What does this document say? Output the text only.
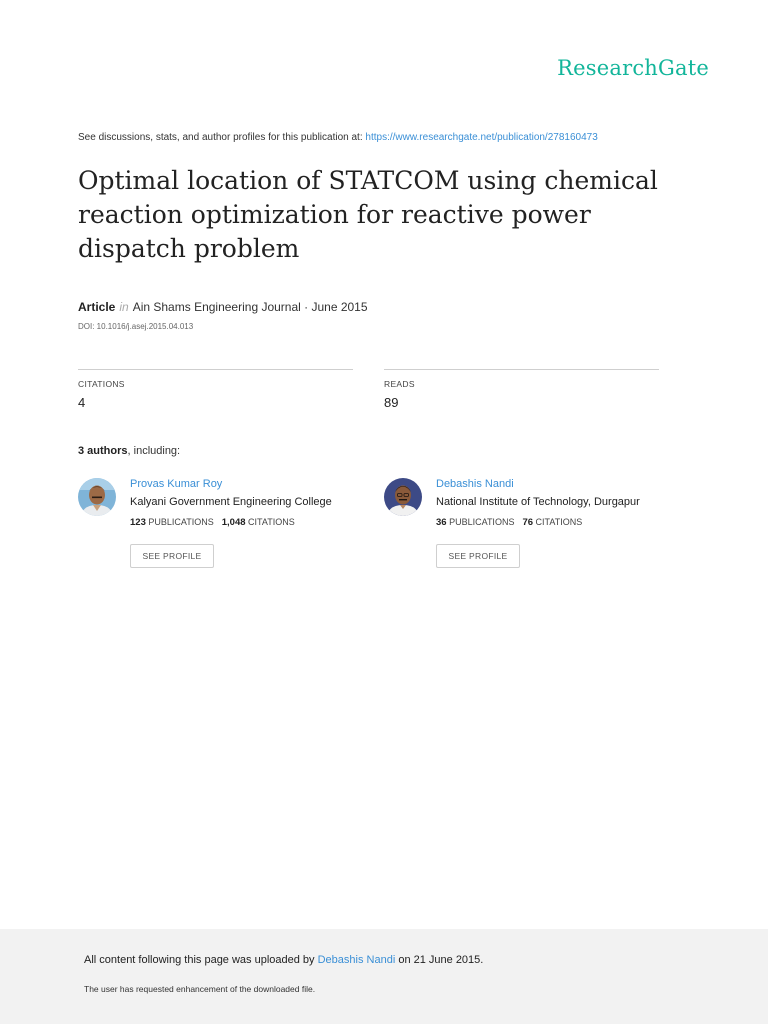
ResearchGate
See discussions, stats, and author profiles for this publication at: https://www.researchgate.net/publication/278160473
Optimal location of STATCOM using chemical reaction optimization for reactive power dispatch problem
Article in Ain Shams Engineering Journal · June 2015
DOI: 10.1016/j.asej.2015.04.013
CITATIONS
4
READS
89
3 authors, including:
Provas Kumar Roy
Kalyani Government Engineering College
123 PUBLICATIONS 1,048 CITATIONS
SEE PROFILE
Debashis Nandi
National Institute of Technology, Durgapur
36 PUBLICATIONS 76 CITATIONS
SEE PROFILE
All content following this page was uploaded by Debashis Nandi on 21 June 2015.
The user has requested enhancement of the downloaded file.
